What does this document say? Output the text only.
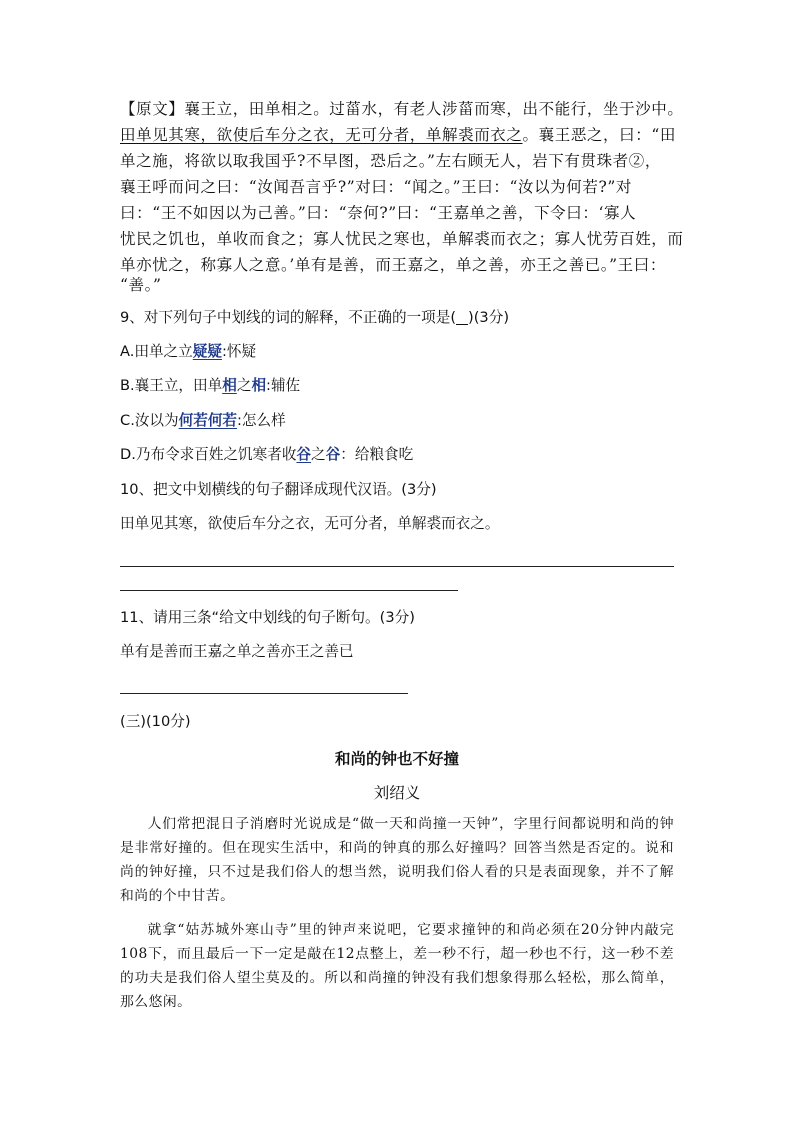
【原文】襄王立，田单相之。过菑水，有老人涉菑而寒，出不能行，坐于沙中。
田单见其寒，欲使后车分之衣，无可分者，单解裘而衣之。襄王恶之，曰：“田
单之施，将欲以取我国乎?不早图，恐后之。”左右顾无人，岩下有贯珠者②，
襄王呼而问之曰：“汝闻吾言乎?”对曰：“闻之。”王曰：“汝以为何若?”对
曰：“王不如因以为己善。”曰：“奈何?”曰：“王嘉单之善，下令曰：‘寡人
忧民之饥也，单收而食之；寡人忧民之寒也，单解裘而衣之；寡人忧劳百姓，而
单亦忧之，称寡人之意。’单有是善，而王嘉之，单之善，亦王之善已。”王曰：
“善。”
9、对下列句子中划线的词的解释，不正确的一项是( )(3分)
A.田单之立疑疑:怀疑
B.襄王立，田单相之相:辅佐
C.汝以为何若何若:怎么样
D.乃布令求百姓之饥寒者收谷之谷：给粮食吃
10、把文中划横线的句子翻译成现代汉语。(3分)
田单见其寒，欲使后车分之衣，无可分者，单解裘而衣之。
11、请用三条“给文中划线的句子断句。(3分)
单有是善而王嘉之单之善亦王之善已
(三)(10分)
和尚的钟也不好撞
刘绍义

人们常把混日子消磨时光说成是“做一天和尚撞一天钟”，字里行间都说明和尚的钟是非常好撞的。但在现实生活中，和尚的钟真的那么好撞吗？回答当然是否定的。说和尚的钟好撞，只不过是我们俗人的想当然，说明我们俗人看的只是表面现象，并不了解和尚的个中甘苦。

就拿“姑苏城外寒山寺”里的钟声来说吧，它要求撞钟的和尚必须在20分钟内敲完108下，而且最后一下一定是敲在12点整上，差一秒不行，超一秒也不行，这一秒不差的功夫是我们俗人望尘莫及的。所以和尚撞的钟没有我们想象得那么轻松，那么简单，那么悠闲。
